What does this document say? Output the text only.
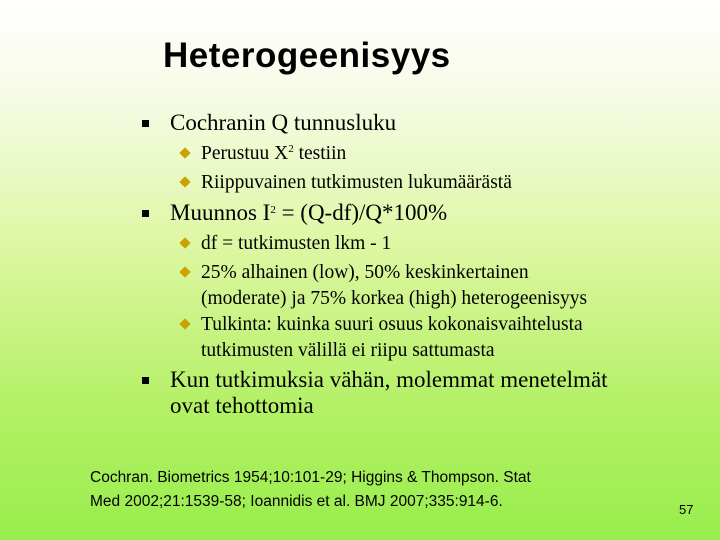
Heterogeenisyys
Cochranin Q tunnusluku
Perustuu $X^2$ testiin
Riippuvainen tutkimusten lukumäärästä
Muunnos $I^2 = (Q-df)/Q*100\%$
df = tutkimusten lkm - 1
25% alhainen (low), 50% keskinkertainen
(moderate) ja 75% korkea (high) heterogeenisyys
Tulkinta: kuinka suuri osuus kokonaisvaihtelusta
tutkimusten välillä ei riipu sattumasta
Kun tutkimuksia vähän, molemmat menetelmät
ovat tehottomia
Cochran. Biometrics 1954;10:101-29; Higgins & Thompson. Stat
Med 2002;21:1539-58; Ioannidis et al. BMJ 2007;335:914-6.	57
